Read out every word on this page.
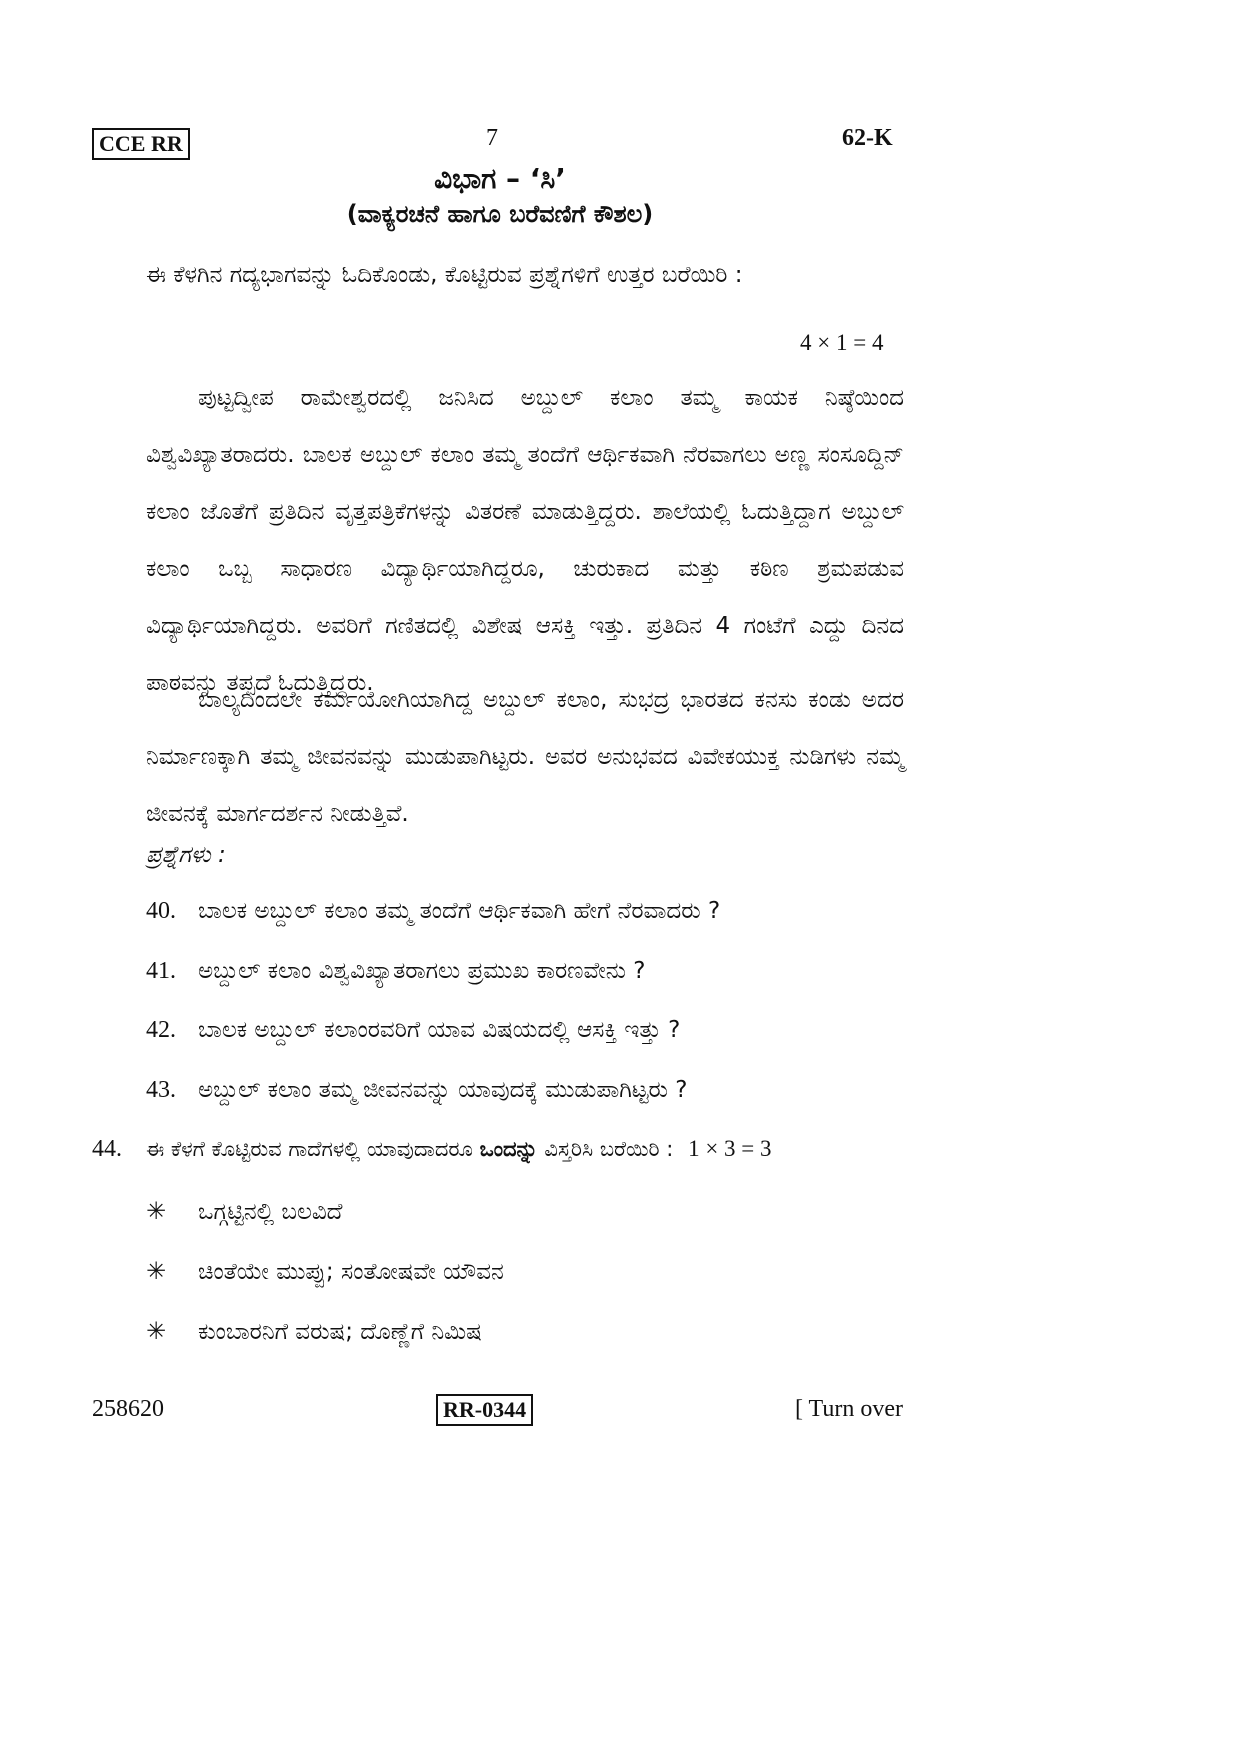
CCE RR	7	62-K
ವಿಭಾಗ – ‘ಸಿ’
(ವಾಕ್ಯರಚನೆ ಹಾಗೂ ಬರೆವಣಿಗೆ ಕೌಶಲ)
ಈ ಕೆಳಗಿನ ಗದ್ಯಭಾಗವನ್ನು ಓದಿಕೊಂಡು, ಕೊಟ್ಟಿರುವ ಪ್ರಶ್ನೆಗಳಿಗೆ ಉತ್ತರ ಬರೆಯಿರಿ :
4 × 1 = 4
ಪುಟ್ಟದ್ವೀಪ ರಾಮೇಶ್ವರದಲ್ಲಿ ಜನಿಸಿದ ಅಬ್ದುಲ್ ಕಲಾಂ ತಮ್ಮ ಕಾಯಕ ನಿಷ್ಠೆಯಿಂದ ವಿಶ್ವವಿಖ್ಯಾತರಾದರು. ಬಾಲಕ ಅಬ್ದುಲ್ ಕಲಾಂ ತಮ್ಮ ತಂದೆಗೆ ಆರ್ಥಿಕವಾಗಿ ನೆರವಾಗಲು ಅಣ್ಣ ಸಂಸೂದ್ದಿನ್ ಕಲಾಂ ಜೊತೆಗೆ ಪ್ರತಿದಿನ ವೃತ್ತಪತ್ರಿಕೆಗಳನ್ನು ವಿತರಣೆ ಮಾಡುತ್ತಿದ್ದರು. ಶಾಲೆಯಲ್ಲಿ ಓದುತ್ತಿದ್ದಾಗ ಅಬ್ದುಲ್ ಕಲಾಂ ಒಬ್ಬ ಸಾಧಾರಣ ವಿದ್ಯಾರ್ಥಿಯಾಗಿದ್ದರೂ, ಚುರುಕಾದ ಮತ್ತು ಕಠಿಣ ಶ್ರಮಪಡುವ ವಿದ್ಯಾರ್ಥಿಯಾಗಿದ್ದರು. ಅವರಿಗೆ ಗಣಿತದಲ್ಲಿ ವಿಶೇಷ ಆಸಕ್ತಿ ಇತ್ತು. ಪ್ರತಿದಿನ 4 ಗಂಟೆಗೆ ಎದ್ದು ದಿನದ ಪಾಠವನ್ನು ತಪ್ಪದೆ ಓದುತ್ತಿದ್ದರು.
ಬಾಲ್ಯದಿಂದಲೇ ಕರ್ಮಯೋಗಿಯಾಗಿದ್ದ ಅಬ್ದುಲ್ ಕಲಾಂ, ಸುಭದ್ರ ಭಾರತದ ಕನಸು ಕಂಡು ಅದರ ನಿರ್ಮಾಣಕ್ಕಾಗಿ ತಮ್ಮ ಜೀವನವನ್ನು ಮುಡುಪಾಗಿಟ್ಟರು. ಅವರ ಅನುಭವದ ವಿವೇಕಯುಕ್ತ ನುಡಿಗಳು ನಮ್ಮ ಜೀವನಕ್ಕೆ ಮಾರ್ಗದರ್ಶನ ನೀಡುತ್ತಿವೆ.
ಪ್ರಶ್ನೆಗಳು :
40. ಬಾಲಕ ಅಬ್ದುಲ್ ಕಲಾಂ ತಮ್ಮ ತಂದೆಗೆ ಆರ್ಥಿಕವಾಗಿ ಹೇಗೆ ನೆರವಾದರು ?
41. ಅಬ್ದುಲ್ ಕಲಾಂ ವಿಶ್ವವಿಖ್ಯಾತರಾಗಲು ಪ್ರಮುಖ ಕಾರಣವೇನು ?
42. ಬಾಲಕ ಅಬ್ದುಲ್ ಕಲಾಂರವರಿಗೆ ಯಾವ ವಿಷಯದಲ್ಲಿ ಆಸಕ್ತಿ ಇತ್ತು ?
43. ಅಬ್ದುಲ್ ಕಲಾಂ ತಮ್ಮ ಜೀವನವನ್ನು ಯಾವುದಕ್ಕೆ ಮುಡುಪಾಗಿಟ್ಟರು ?
44. ಈ ಕೆಳಗೆ ಕೊಟ್ಟಿರುವ ಗಾದೆಗಳಲ್ಲಿ ಯಾವುದಾದರೂ ಒಂದನ್ನು ವಿಸ್ತರಿಸಿ ಬರೆಯಿರಿ : 1 × 3 = 3
✳ ಒಗ್ಗಟ್ಟಿನಲ್ಲಿ ಬಲವಿದೆ
✳ ಚಿಂತೆಯೇ ಮುಪ್ಪು; ಸಂತೋಷವೇ ಯೌವನ
✳ ಕುಂಬಾರನಿಗೆ ವರುಷ; ದೊಣ್ಣೆಗೆ ನಿಮಿಷ
258620	RR-0344	[ Turn over
